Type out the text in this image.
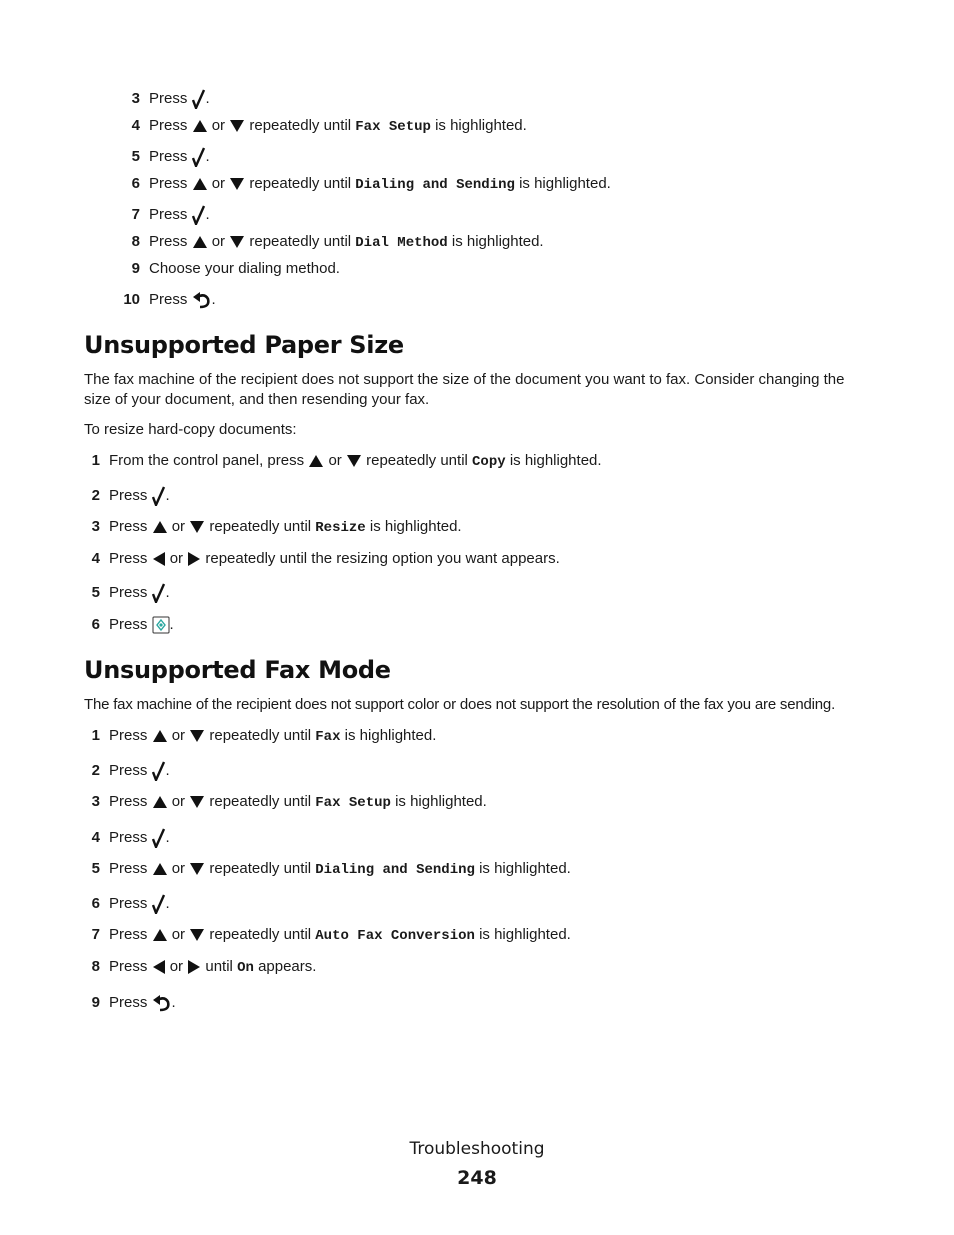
3 Press .
4 Press or repeatedly until Fax Setup is highlighted.
5 Press .
6 Press or repeatedly until Dialing and Sending is highlighted.
7 Press .
8 Press or repeatedly until Dial Method is highlighted.
9 Choose your dialing method.
10 Press .
Unsupported Paper Size

The fax machine of the recipient does not support the size of the document you want to fax. Consider changing the

size of your document, and then resending your fax.

To resize hard-copy documents:

1 From the control panel, press or repeatedly until Copy is highlighted.
2 Press .
3 Press or repeatedly until Resize is highlighted.
4 Press or repeatedly until the resizing option you want appears.
5 Press .
6 Press .
Unsupported Fax Mode

The fax machine of the recipient does not support color or does not support the resolution of the fax you are sending.

1 Press or repeatedly until Fax is highlighted.
2 Press .
3 Press or repeatedly until Fax Setup is highlighted.
4 Press .
5 Press or repeatedly until Dialing and Sending is highlighted.
6 Press .
7 Press or repeatedly until Auto Fax Conversion is highlighted.
8 Press or until On appears.
9 Press .
Troubleshooting
248
